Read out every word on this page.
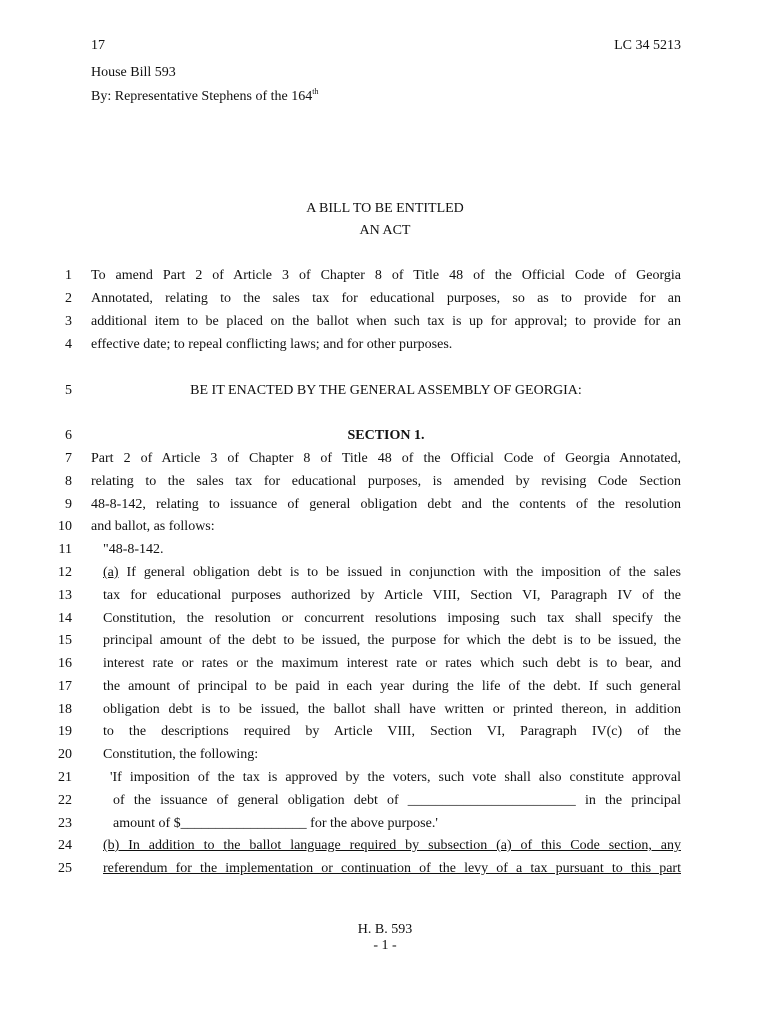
17	LC 34 5213
House Bill 593
By: Representative Stephens of the 164th
A BILL TO BE ENTITLED
AN ACT
1 To amend Part 2 of Article 3 of Chapter 8 of Title 48 of the Official Code of Georgia
2 Annotated, relating to the sales tax for educational purposes, so as to provide for an
3 additional item to be placed on the ballot when such tax is up for approval; to provide for an
4 effective date; to repeal conflicting laws; and for other purposes.
5	BE IT ENACTED BY THE GENERAL ASSEMBLY OF GEORGIA:
6	SECTION 1.
7 Part 2 of Article 3 of Chapter 8 of Title 48 of the Official Code of Georgia Annotated,
8 relating to the sales tax for educational purposes, is amended by revising Code Section
9 48-8-142, relating to issuance of general obligation debt and the contents of the resolution
10 and ballot, as follows:
11 "48-8-142.
12 (a) If general obligation debt is to be issued in conjunction with the imposition of the sales
13 tax for educational purposes authorized by Article VIII, Section VI, Paragraph IV of the
14 Constitution, the resolution or concurrent resolutions imposing such tax shall specify the
15 principal amount of the debt to be issued, the purpose for which the debt is to be issued, the
16 interest rate or rates or the maximum interest rate or rates which such debt is to bear, and
17 the amount of principal to be paid in each year during the life of the debt. If such general
18 obligation debt is to be issued, the ballot shall have written or printed thereon, in addition
19 to the descriptions required by Article VIII, Section VI, Paragraph IV(c) of the
20 Constitution, the following:
21	'If imposition of the tax is approved by the voters, such vote shall also constitute approval
22	of the issuance of general obligation debt of ________________________ in the principal
23	amount of $__________________ for the above purpose.'
24 (b) In addition to the ballot language required by subsection (a) of this Code section, any
25 referendum for the implementation or continuation of the levy of a tax pursuant to this part
H. B. 593
- 1 -
